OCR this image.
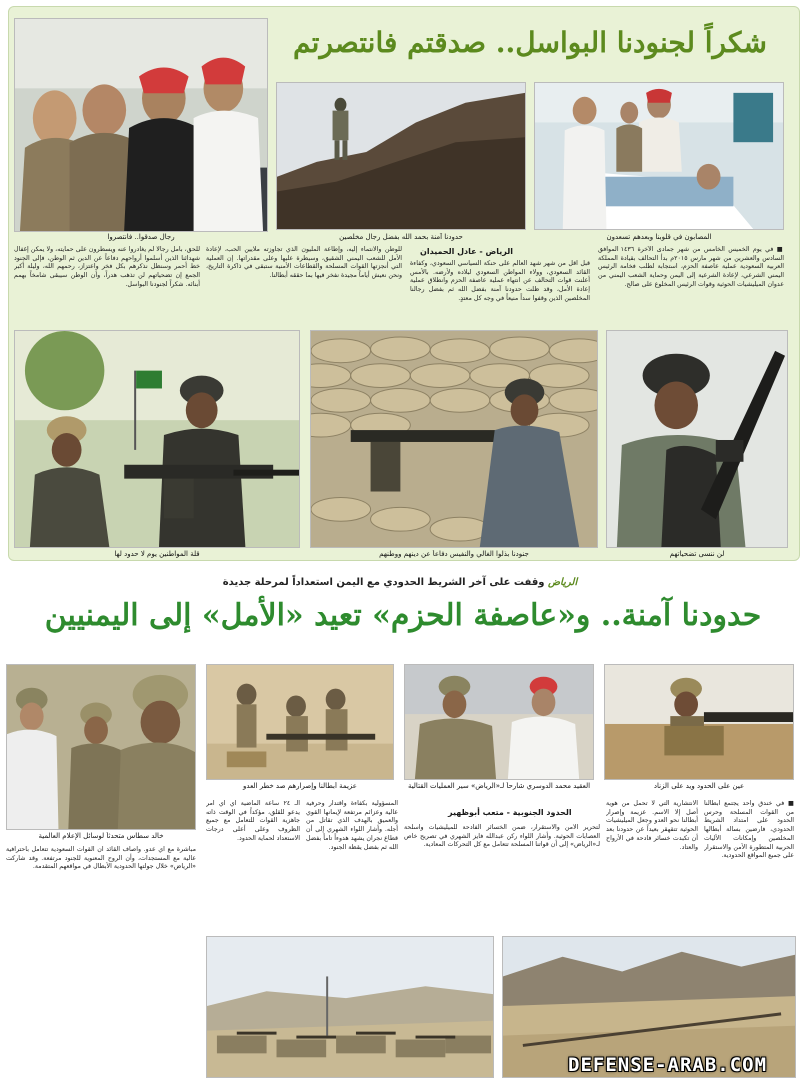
شكراً لجنودنا البواسل.. صدقتم فانتصرتم
رجال صدقوا.. فانتصروا	حدودنا آمنة بحمد الله بفضل رجال مخلصين	المصابون في قلوبنا وبعدهم تسعدون
الرياض - عادل الحميدان	■ في يوم الخميس الخامس من شهر جمادى الآخرة ١٤٣٦ الموافق السادس والعشرين من شهر مارس ٢٠١٥م بدأ التحالف بقيادة المملكة العربية السعودية عملية عاصفة الحزم، استجابة لطلب فخامة الرئيس اليمني الشرعي، لإعادة الشرعية إلى اليمن وحماية الشعب اليمني من عدوان الميليشيات الحوثية وقوات الرئيس المخلوع على صالح.
قبل أقل من شهر شهد العالم على حنكة السياسي السعودي، وكفاءة القائد السعودي، وولاء المواطن السعودي لبلاده ولأرضه. بالأمس أعلنت قوات التحالف عن انتهاء عملية عاصفة الحزم وانطلاق عملية إعادة الأمل، وقد ظلت حدودنا آمنة بفضل الله ثم بفضل رجالنا المخلصين الذين وقفوا سداً منيعاً في وجه كل معتدٍ.
للوطن والانتماء إليه، وإطاعة المليون الذي تجاوزته ملايين الحب، لإعادة الأمل للشعب اليمني الشقيق، وسيطرة عليها وعلى مقدراتها. إن العملية التي أنجزتها القوات المسلحة والقطاعات الأمنية ستبقى في ذاكرة التاريخ، ونحن نعيش أياماً مجيدة نفخر فيها بما حققه أبطالنا.
للحق، بأمل رجالا لم يغادروا عنه ويسطرون على حمايته، ولا يمكن إغفال شهدائنا الذين أسلموا أرواحهم دفاعاً عن الدين ثم الوطن، فإلى الجنود خط أحمر وسنظل نذكرهم بكل فخر واعتزاز، رحمهم الله، وليلة أكبر الجمع إن تضحياتهم لن تذهب هدراً، وأن الوطن سيبقى شامخاً بهمم أبنائه. شكراً لجنودنا البواسل.
قلة المواطنين يوم لا حدود لها	جنودنا بذلوا الغالي والنفيس دفاعاً عن دينهم ووطنهم	لن ننسى تضحياتهم
الرياض وقفت على آخر الشريط الحدودي مع اليمن استعداداً لمرحلة جديدة
حدودنا آمنة.. و«عاصفة الحزم» تعيد «الأمل» إلى اليمنيين
خالد سطاس متحدثاً لوسائل الإعلام العالمية
عزيمة أبطالنا وإصرارهم صد خطر العدو	العقيد محمد الدوسري شارحاً لـ«الرياض» سير العمليات القتالية	عين على الحدود ويد على الزناد
الحدود الجنوبية - متعب أبوظهير
■ في خندق واحد يجتمع أبطالنا من القوات المسلحة وحرس الحدود على امتداد الشريط الحدودي، فارضين بسالة أبطالها المخلصين وإمكانات الأليات الحربية المتطورة الأمن والاستقرار على جميع المواقع الحدودية.
الانتشارية التي لا تحمل من هوية أصل إلا الاسم. عزيمة وإصرار أبطالنا نحو العدو وجعل الميليشيات الحوثية تتقهقر بعيداً عن حدودنا بعد أن تكبدت خسائر فادحة في الأرواح والعتاد.
لتحرير الأمن والاستقرار، ضمن الخسائر الفادحة للميليشيات وأسلحة العصابات الحوثية. وأشار اللواء ركن عبدالله فايز الشهري في تصريح خاص لـ«الرياض» إلى أن قواتنا المسلحة تتعامل مع كل التحركات المعادية.
المسؤولية بكفاءة واقتدار وحرفية عالية وعزائم مرتفعة لإيمانها القوي والعميق بالهدف الذي تقاتل من أجله. وأشار اللواء الشهري إلى أن قطاع نجران يشهد هدوءاً تاماً بفضل الله ثم بفضل يقظة الجنود.
الـ ٢٤ ساعة الماضية أي أي أمر يدعو للقلق، مؤكداً في الوقت ذاته جاهزية القوات للتعامل مع جميع الظروف وعلى أعلى درجات الاستعداد لحماية الحدود.
مباشرة مع أي عدو. وأصاف القائد أن القوات السعودية تتعامل باحترافية عالية مع المستجدات، وأن الروح المعنوية للجنود مرتفعة. وقد شاركت «الرياض» خلال جولتها الحدودية الأبطال في مواقعهم المتقدمة.
DEFENSE-ARAB.COM
